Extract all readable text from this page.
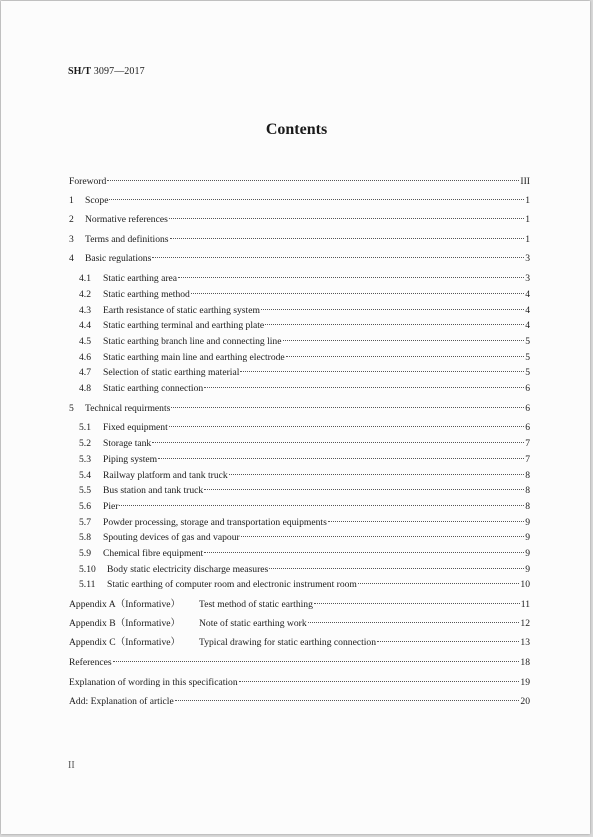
SH/T 3097—2017
Contents
Foreword	III
1	Scope	1
2	Normative references	1
3	Terms and definitions	1
4	Basic regulations	3
4.1	Static earthing area	3
4.2	Static earthing method	4
4.3	Earth resistance of static earthing system	4
4.4	Static earthing terminal and earthing plate	4
4.5	Static earthing branch line and connecting line	5
4.6	Static earthing main line and earthing electrode	5
4.7	Selection of static earthing material	5
4.8	Static earthing connection	6
5	Technical requirments	6
5.1	Fixed equipment	6
5.2	Storage tank	7
5.3	Piping system	7
5.4	Railway platform and tank truck	8
5.5	Bus station and tank truck	8
5.6	Pier	8
5.7	Powder processing, storage and transportation equipments	9
5.8	Spouting devices of gas and vapour	9
5.9	Chemical fibre equipment	9
5.10	Body static electricity discharge measures	9
5.11	Static earthing of computer room and electronic instrument room	10
Appendix A（Informative）	Test method of static earthing	11
Appendix B（Informative）	Note of static earthing work	12
Appendix C（Informative）	Typical drawing for static earthing connection	13
References	18
Explanation of wording in this specification	19
Add: Explanation of article	20
II
